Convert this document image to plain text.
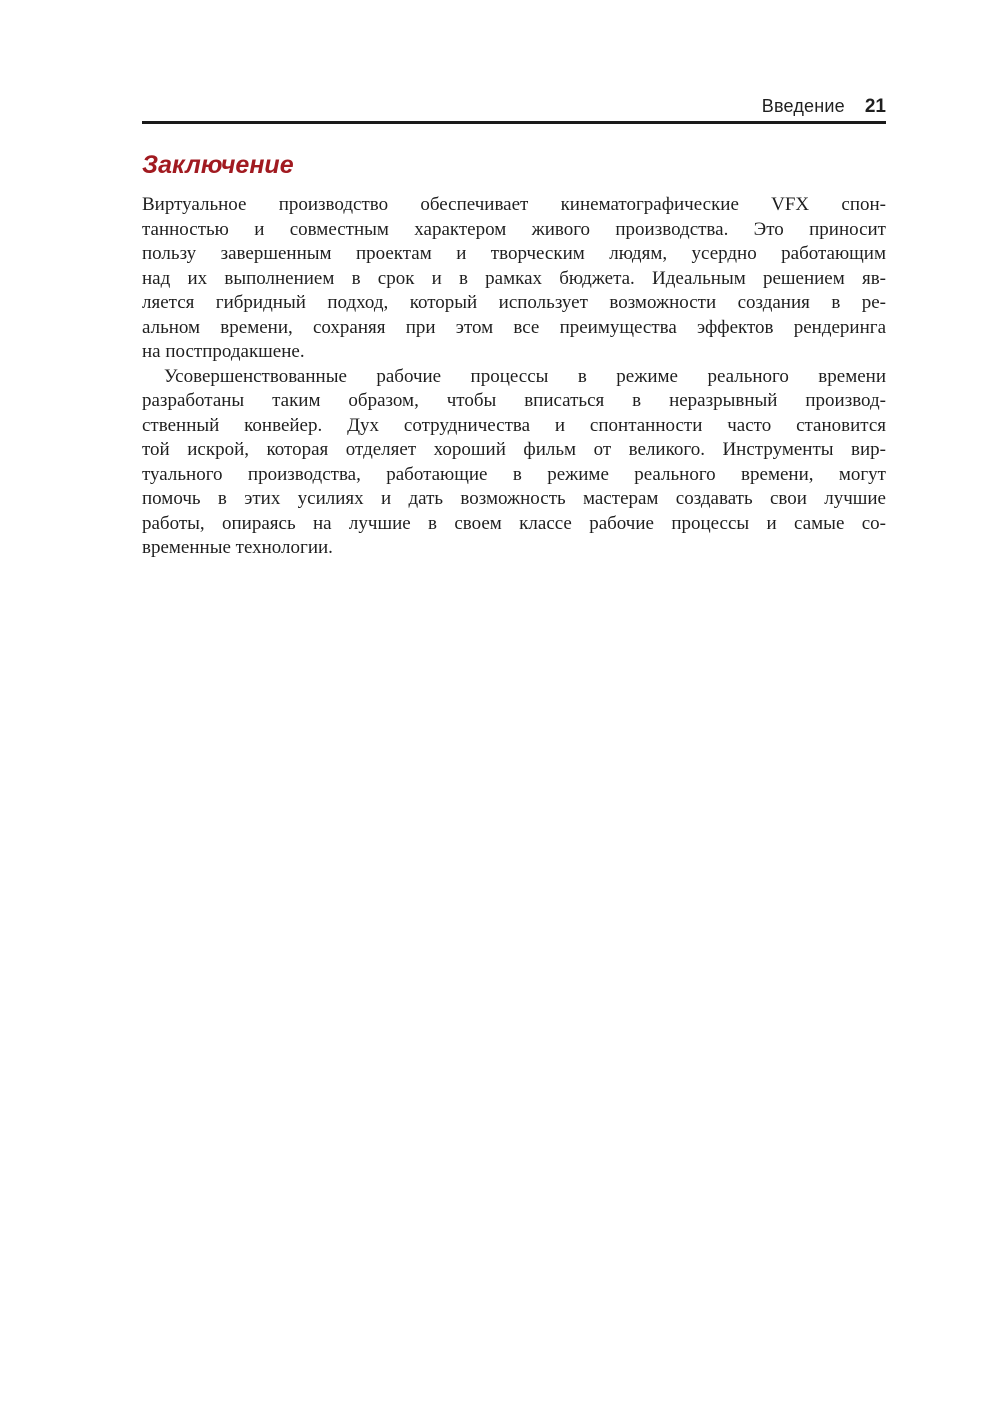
Введение 21
Заключение
Виртуальное производство обеспечивает кинематографические VFX спон-
танностью и совместным характером живого производства. Это приносит
пользу завершенным проектам и творческим людям, усердно работающим
над их выполнением в срок и в рамках бюджета. Идеальным решением яв-
ляется гибридный подход, который использует возможности создания в ре-
альном времени, сохраняя при этом все преимущества эффектов рендеринга
на постпродакшене.
Усовершенствованные рабочие процессы в режиме реального времени
разработаны таким образом, чтобы вписаться в неразрывный производ-
ственный конвейер. Дух сотрудничества и спонтанности часто становится
той искрой, которая отделяет хороший фильм от великого. Инструменты вир-
туального производства, работающие в режиме реального времени, могут
помочь в этих усилиях и дать возможность мастерам создавать свои лучшие
работы, опираясь на лучшие в своем классе рабочие процессы и самые со-
временные технологии.
